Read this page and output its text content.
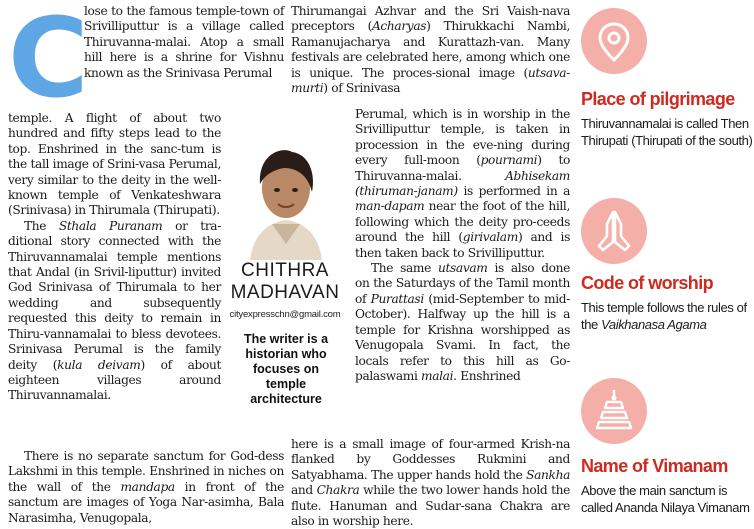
C

lose to the famous temple-town of Srivilliputtur is a village called Thiruvanna-malai. Atop a small hill here is a shrine for Vishnu known as the Srinivasa Perumal

temple. A flight of about two hundred and fifty steps lead to the top. Enshrined in the sanc-tum is the tall image of Srini-vasa Perumal, very similar to the deity in the well-known temple of Venkateshwara (Srinivasa) in Thirumala (Thirupati).

The Sthala Puranam or tra-ditional story connected with the Thiruvannamalai temple mentions that Andal (in Srivil-liputtur) invited God Srinivasa of Thirumala to her wedding and subsequently requested this deity to remain in Thiru-vannamalai to bless devotees. Srinivasa Perumal is the family deity (kula deivam) of about eighteen villages around Thiruvannamalai.

There is no separate sanctum for God-dess Lakshmi in this temple. Enshrined in niches on the wall of the mandapa in front of the sanctum are images of Yoga Nar-asimha, Bala Narasimha, Venugopala,

CHITHRA
MADHAVAN
cityexpresschn@gmail.com
The writer is a historian who focuses on temple architecture

Thirumangai Azhvar and the Sri Vaish-nava preceptors (Acharyas) Thirukkachi Nambi, Ramanujacharya and Kurattazh-van. Many festivals are celebrated here, among which one is unique. The proces-sional image (utsava-murti) of Srinivasa

Perumal, which is in worship in the Srivilliputtur temple, is taken in procession in the eve-ning during every full-moon (pournami) to Thiruvanna-malai. Abhisekam (thiruman-janam) is performed in a man-dapam near the foot of the hill, following which the deity pro-ceeds around the hill (girivalam) and is then taken back to Srivilliputtur.

The same utsavam is also done on the Saturdays of the Tamil month of Purattasi (mid-September to mid-October). Halfway up the hill is a temple for Krishna worshipped as Venugopala Svami. In fact, the locals refer to this hill as Go-palaswami malai. Enshrined

here is a small image of four-armed Krish-na flanked by Goddesses Rukmini and Satyabhama. The upper hands hold the Sankha and Chakra while the two lower hands hold the flute. Hanuman and Sudar-sana Chakra are also in worship here.

Place of pilgrimage

Thiruvannamalai is called Then Thirupati (Thirupati of the south)

Code of worship

This temple follows the rules of the Vaikhanasa Agama

Name of Vimanam

Above the main sanctum is called Ananda Nilaya Vimanam
